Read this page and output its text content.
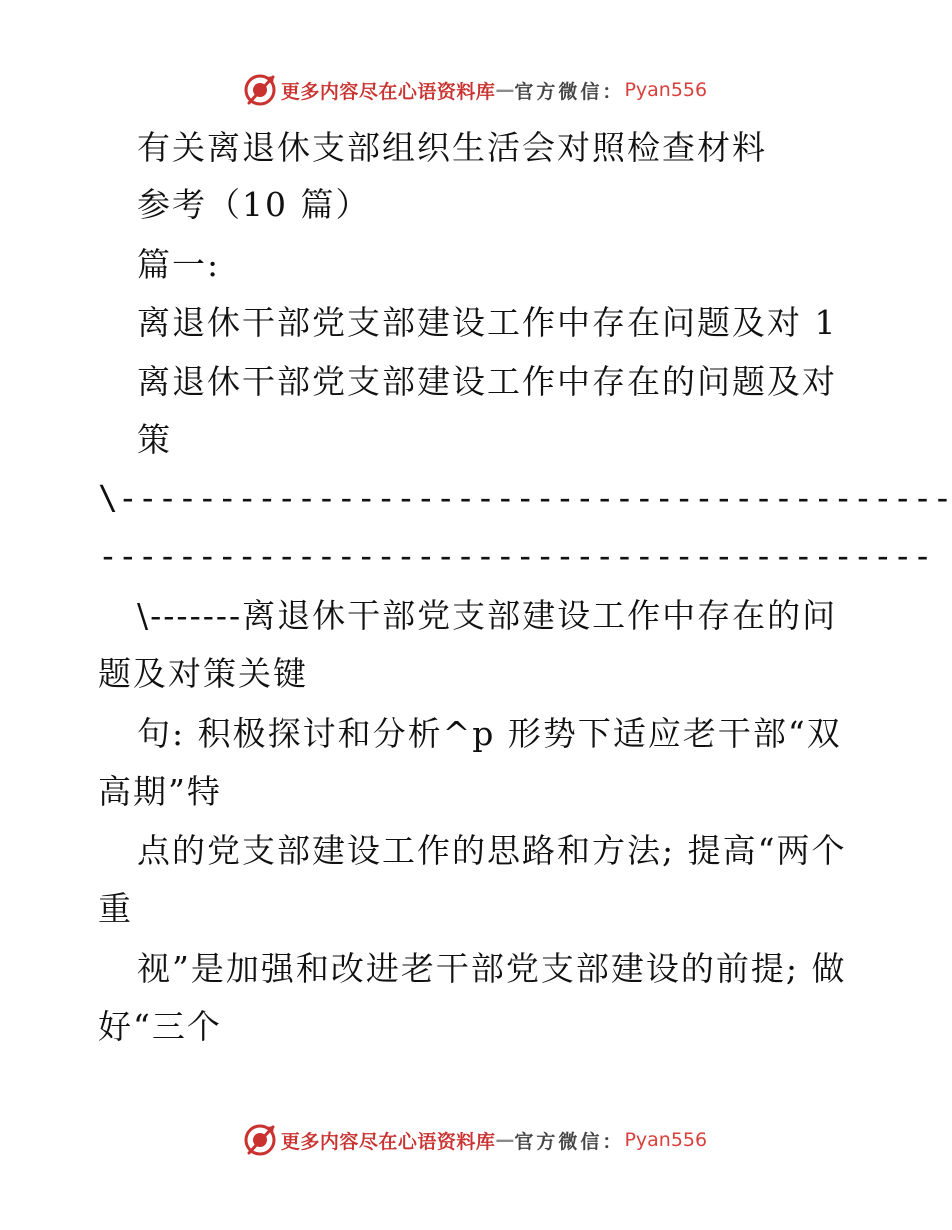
更多内容尽在心语资料库 — 官方微信： Pyan556
有关离退休支部组织生活会对照检查材料
参考（10 篇）
篇一:
离退休干部党支部建设工作中存在问题及对 1
离退休干部党支部建设工作中存在的问题及对
策
\------------------------------------------
------------------------------------------
\-------离退休干部党支部建设工作中存在的问
题及对策关键
句: 积极探讨和分析^p 形势下适应老干部“双
高期”特
点的党支部建设工作的思路和方法; 提高“两个
重
视”是加强和改进老干部党支部建设的前提; 做
好“三个
更多内容尽在心语资料库 — 官方微信： Pyan556
